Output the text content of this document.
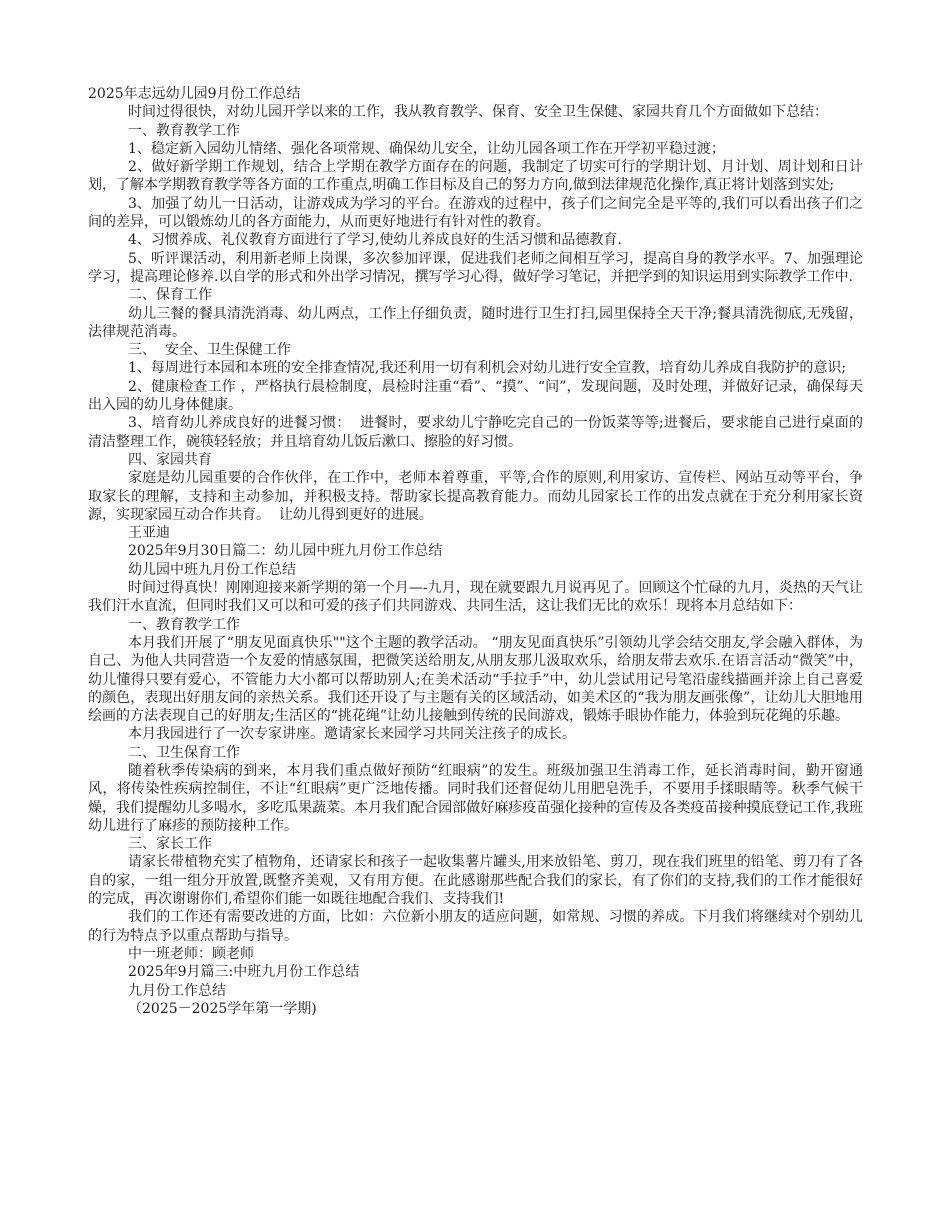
2025年志远幼儿园9月份工作总结

时间过得很快，对幼儿园开学以来的工作，我从教育教学、保育、安全卫生保健、家园共育几个方面做如下总结：

一、教育教学工作

1、稳定新入园幼儿情绪、强化各项常规、确保幼儿安全，让幼儿园各项工作在开学初平稳过渡；

2、做好新学期工作规划，结合上学期在教学方面存在的问题，我制定了切实可行的学期计划、月计划、周计划和日计划，了解本学期教育教学等各方面的工作重点,明确工作目标及自己的努力方向,做到法律规范化操作,真正将计划落到实处;

3、加强了幼儿一日活动，让游戏成为学习的平台。在游戏的过程中，孩子们之间完全是平等的,我们可以看出孩子们之间的差异，可以锻炼幼儿的各方面能力，从而更好地进行有针对性的教育。

4、习惯养成、礼仪教育方面进行了学习,使幼儿养成良好的生活习惯和品德教育.

5、听评课活动，利用新老师上岗课，多次参加评课，促进我们老师之间相互学习，提高自身的教学水平。7、加强理论学习，提高理论修养.以自学的形式和外出学习情况，撰写学习心得，做好学习笔记，并把学到的知识运用到实际教学工作中.

二、保育工作

幼儿三餐的餐具清洗消毒、幼儿两点，工作上仔细负责，随时进行卫生打扫,园里保持全天干净;餐具清洗彻底,无残留，法律规范消毒。

三、  安全、卫生保健工作

1、每周进行本园和本班的安全排查情况,我还利用一切有利机会对幼儿进行安全宣教，培育幼儿养成自我防护的意识;

2、健康检查工作 ，严格执行晨检制度，晨检时注重“看”、“摸”、“问”，发现问题，及时处理，并做好记录，确保每天出入园的幼儿身体健康。

3、培育幼儿养成良好的进餐习惯：  进餐时，要求幼儿宁静吃完自己的一份饭菜等等;进餐后，要求能自己进行桌面的清洁整理工作，碗筷轻轻放；并且培育幼儿饭后漱口、擦脸的好习惯。

四、家园共育

家庭是幼儿园重要的合作伙伴，在工作中，老师本着尊重，平等,合作的原则,利用家访、宣传栏、网站互动等平台，争取家长的理解，支持和主动参加，并积极支持。帮助家长提高教育能力。而幼儿园家长工作的出发点就在于充分利用家长资源，实现家园互动合作共育。  让幼儿得到更好的进展。

王亚迪

2025年9月30日篇二：幼儿园中班九月份工作总结

幼儿园中班九月份工作总结

时间过得真快！刚刚迎接来新学期的第一个月—-九月，现在就要跟九月说再见了。回顾这个忙碌的九月，炎热的天气让我们汗水直流，但同时我们又可以和可爱的孩子们共同游戏、共同生活，这让我们无比的欢乐！现将本月总结如下：

一、教育教学工作

本月我们开展了“朋友见面真快乐""这个主题的教学活动。 “朋友见面真快乐”引领幼儿学会结交朋友,学会融入群体，为自己、为他人共同营造一个友爱的情感氛围，把微笑送给朋友,从朋友那儿汲取欢乐，给朋友带去欢乐.在语言活动“微笑”中，幼儿懂得只要有爱心，不管能力大小都可以帮助别人;在美术活动“手拉手”中，幼儿尝试用记号笔沿虚线描画并涂上自己喜爱的颜色，表现出好朋友间的亲热关系。我们还开设了与主题有关的区域活动，如美术区的“我为朋友画张像”，让幼儿大胆地用绘画的方法表现自己的好朋友;生活区的“挑花绳”让幼儿接触到传统的民间游戏，锻炼手眼协作能力，体验到玩花绳的乐趣。

本月我园进行了一次专家讲座。邀请家长来园学习共同关注孩子的成长。

二、卫生保育工作

随着秋季传染病的到来，本月我们重点做好预防“红眼病”的发生。班级加强卫生消毒工作，延长消毒时间，勤开窗通风，将传染性疾病控制住，不让“红眼病”更广泛地传播。同时我们还督促幼儿用肥皂洗手，不要用手揉眼睛等。秋季气候干燥，我们提醒幼儿多喝水，多吃瓜果蔬菜。本月我们配合园部做好麻疹疫苗强化接种的宣传及各类疫苗接种摸底登记工作,我班幼儿进行了麻疹的预防接种工作。

三、家长工作

请家长带植物充实了植物角，还请家长和孩子一起收集薯片罐头,用来放铅笔、剪刀，现在我们班里的铅笔、剪刀有了各自的家，一组一组分开放置,既整齐美观，又有用方便。在此感谢那些配合我们的家长，有了你们的支持,我们的工作才能很好的完成，再次谢谢你们,希望你们能一如既往地配合我们、支持我们!

我们的工作还有需要改进的方面，比如：六位新小朋友的适应问题，如常规、习惯的养成。下月我们将继续对个别幼儿的行为特点予以重点帮助与指导。

中一班老师：顾老师

2025年9月篇三:中班九月份工作总结

九月份工作总结

（2025－2025学年第一学期)
